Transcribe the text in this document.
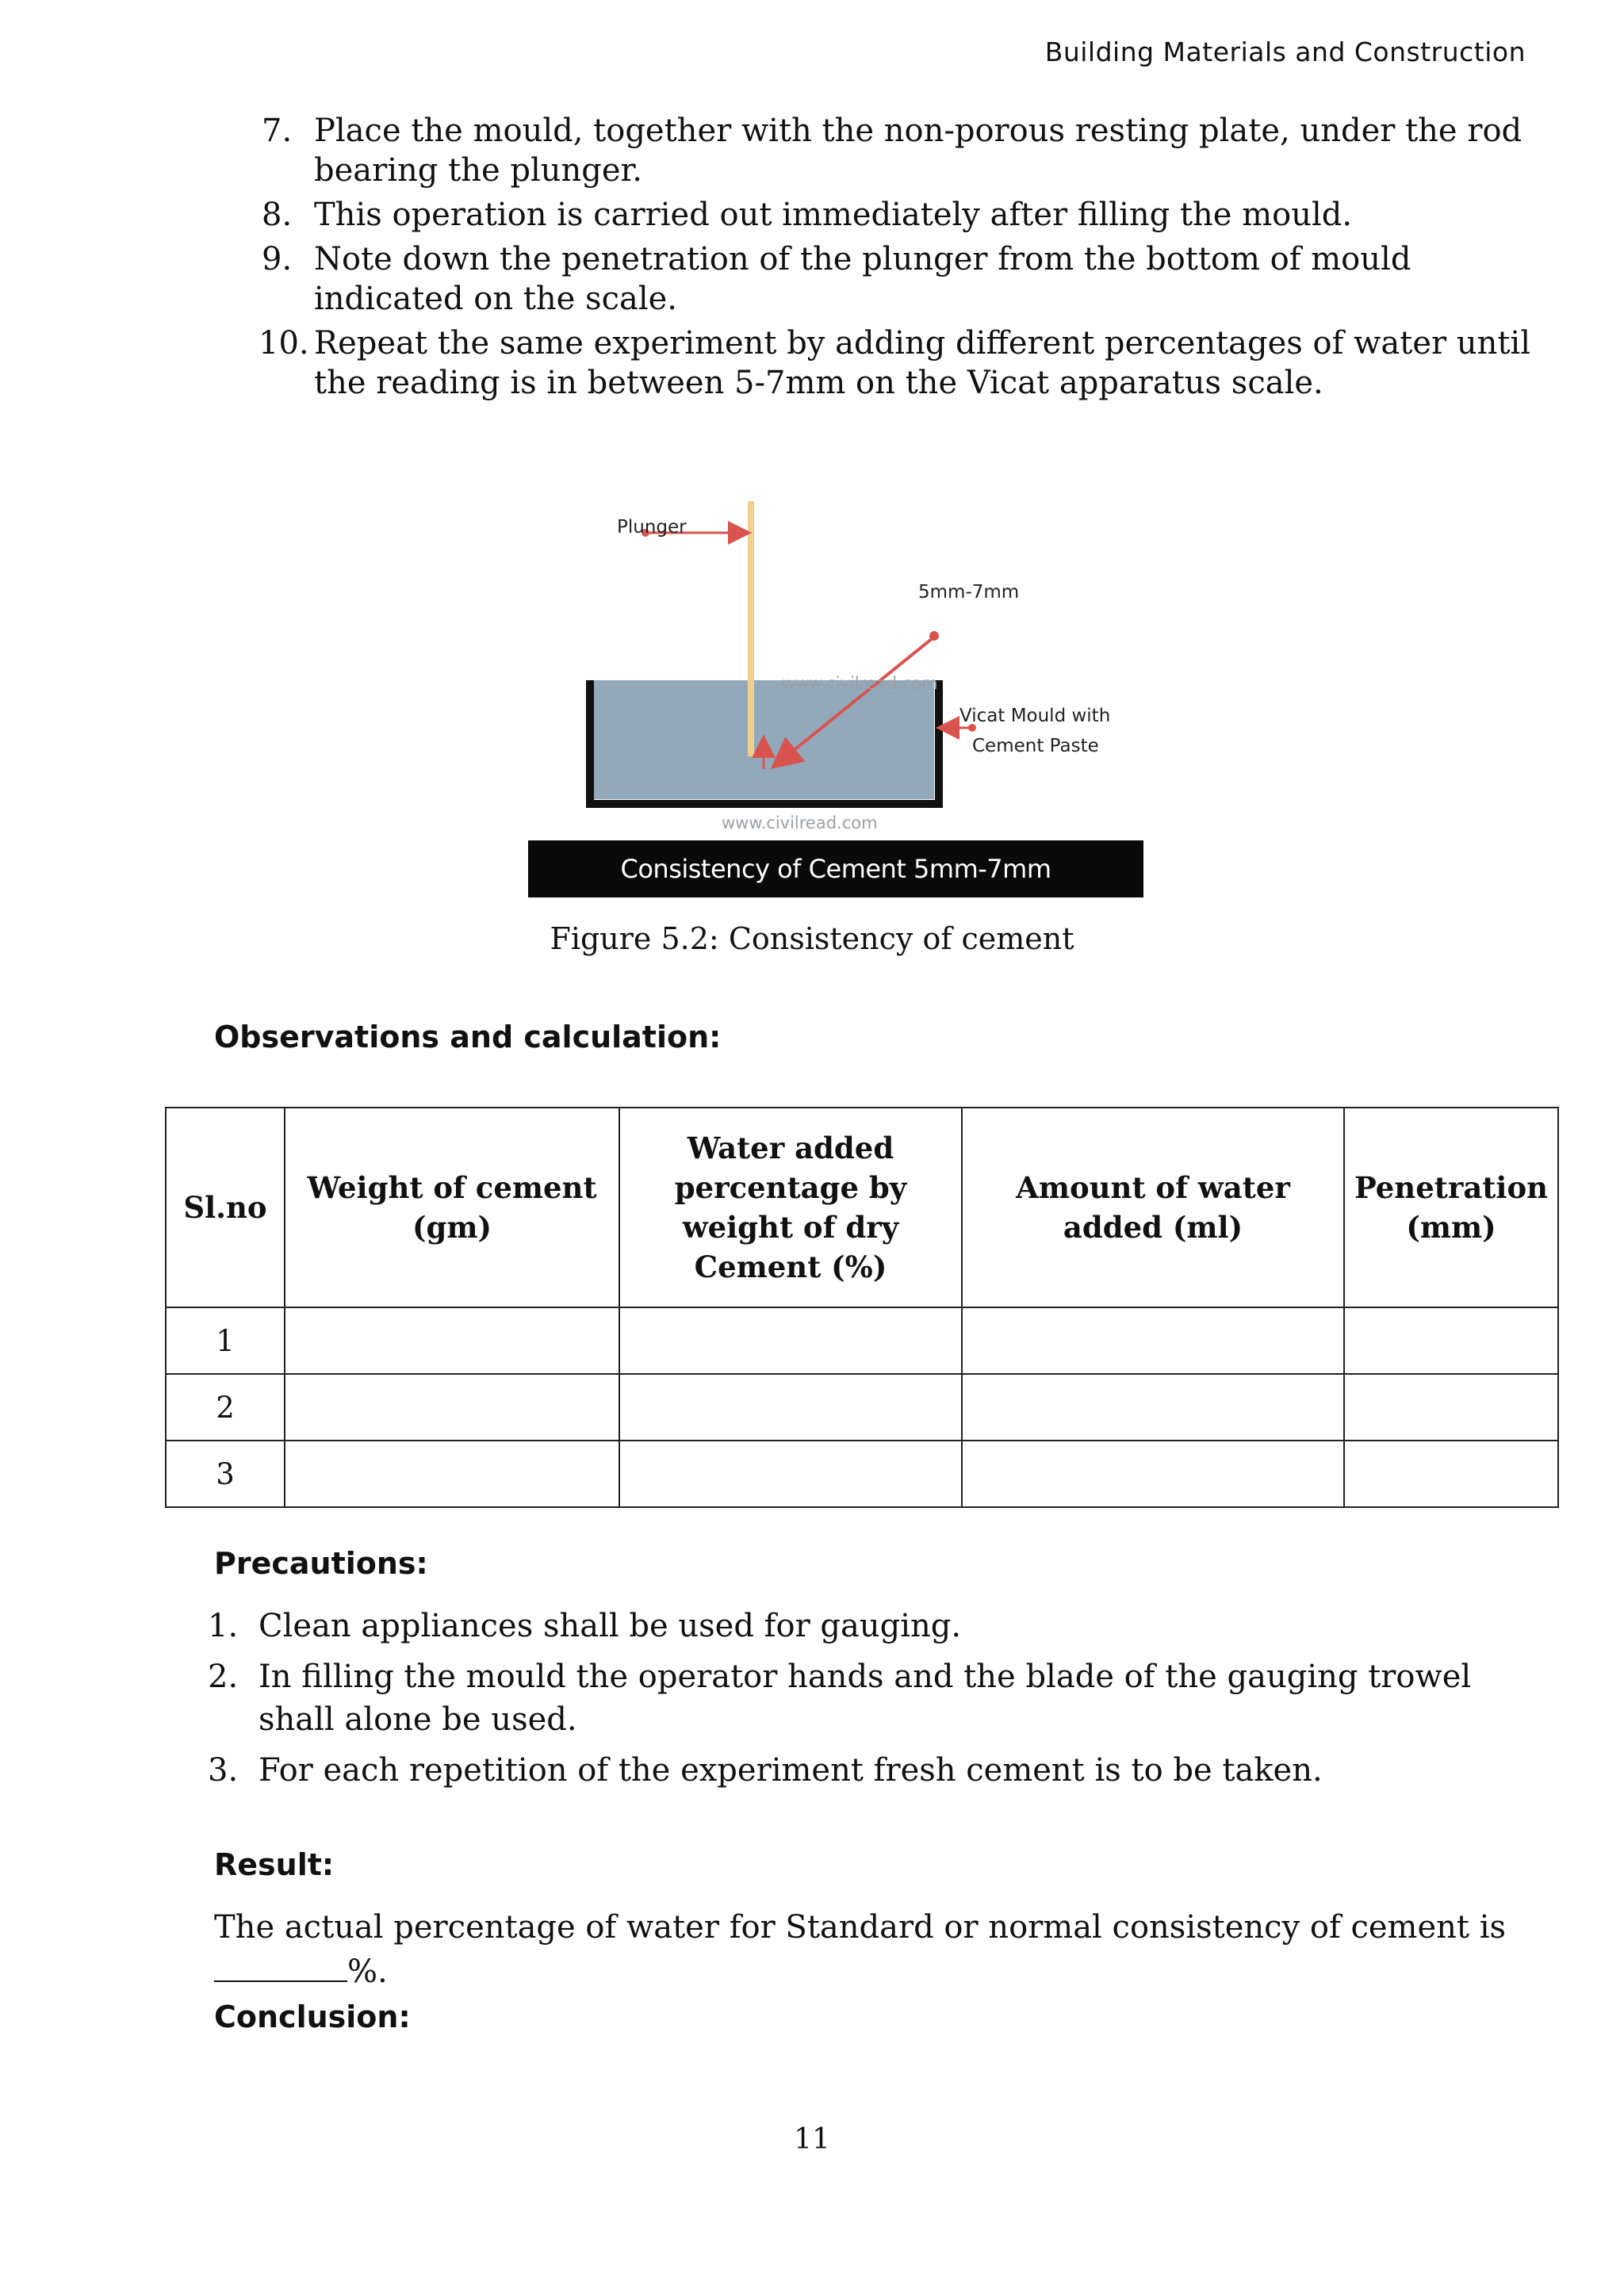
Building Materials and Construction
7. Place the mould, together with the non-porous resting plate, under the rod bearing the plunger.
8. This operation is carried out immediately after filling the mould.
9. Note down the penetration of the plunger from the bottom of mould indicated on the scale.
10. Repeat the same experiment by adding different percentages of water until the reading is in between 5-7mm on the Vicat apparatus scale.
Plunger
5mm-7mm
Vicat Mould with
Cement Paste
www.civilread.com
www.civilread.com
Consistency of Cement 5mm-7mm
Figure 5.2: Consistency of cement
Observations and calculation:
Sl.no	Weight of cement (gm)	Water added percentage by weight of dry Cement (%)	Amount of water added (ml)	Penetration (mm)
1				
2				
3				
Precautions:
1. Clean appliances shall be used for gauging.
2. In filling the mould the operator hands and the blade of the gauging trowel shall alone be used.
3. For each repetition of the experiment fresh cement is to be taken.
Result:
The actual percentage of water for Standard or normal consistency of cement is%.
Conclusion:
11
